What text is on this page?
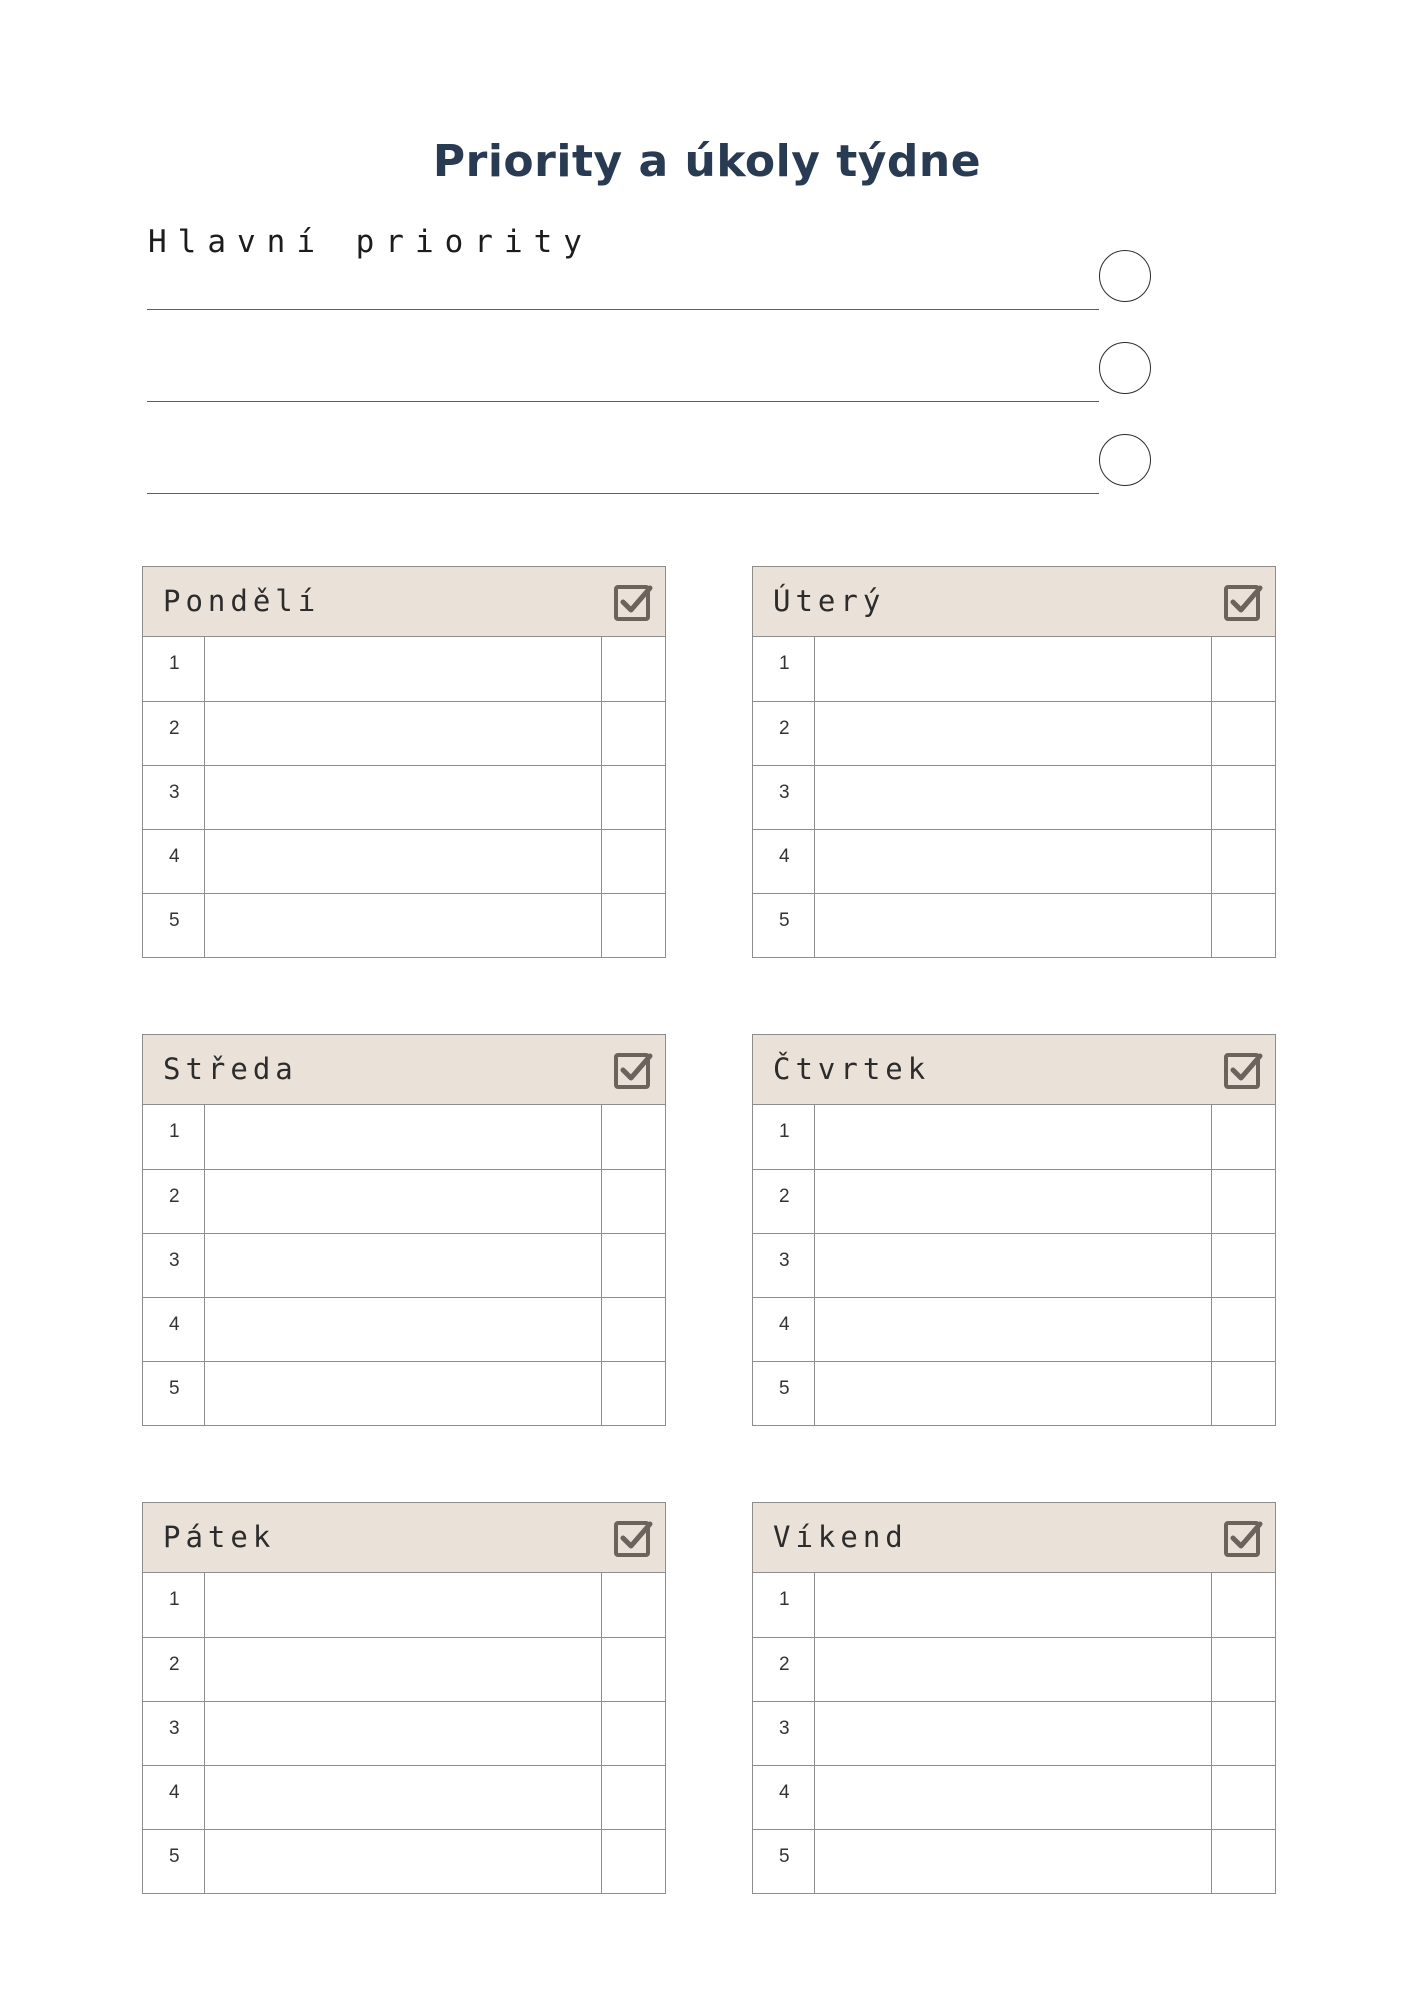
Priority a úkoly týdne
Hlavní priority
Pondělí
1
2
3
4
5
Úterý
1
2
3
4
5
Středa
1
2
3
4
5
Čtvrtek
1
2
3
4
5
Pátek
1
2
3
4
5
Víkend
1
2
3
4
5
